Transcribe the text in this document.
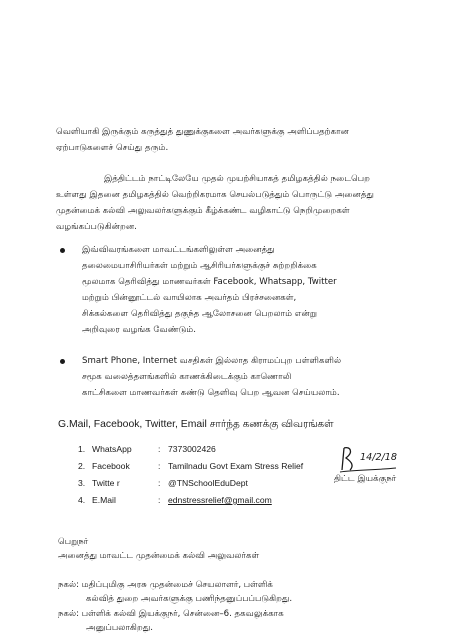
வெளியாகி இருக்கும் கருத்துத் துணுக்குகளை அவர்களுக்கு அளிப்பதற்கான
ஏற்பாடுகளைச் செய்து தரும்.
இத்திட்டம் நாட்டிலேயே முதல் முயற்சியாகத் தமிழகத்தில் நடைபெற
உள்ளது இதனை தமிழகத்தில் வெற்றிகரமாக செயல்படுத்தும் பொருட்டு அனைத்து
முதன்மைக் கல்வி அலுவலர்களுக்கும் கீழ்க்கண்ட வழிகாட்டு நெறிமுறைகள்
வழங்கப்படுகின்றன.
இவ்விவரங்களை மாவட்டங்களிலுள்ள அனைத்து
தலைமையாசிரியர்கள் மற்றும் ஆசிரியர்களுக்குச் சுற்றறிக்கை
மூலமாக தெரிவித்து மாணவர்கள் Facebook, Whatsapp, Twitter
மற்றும் பின்னூட்டல் வாயிலாக அவர்தம் பிரச்சனைகள்,
சிக்கல்களை தெரிவித்து தகுந்த ஆலோசனை பெறலாம் என்று
அறிவுரை வழங்க வேண்டும்.
Smart Phone, Internet வசதிகள் இல்லாத கிராமப்புற பள்ளிகளில்
சமூக வலைத்தளங்களில் காணக்கிடைக்கும் காணொலி
காட்சிகளை மாணவர்கள் கண்டு தெளிவு பெற ஆவன செய்யலாம்.
G.Mail, Facebook, Twitter, Email சார்ந்த கணக்கு விவரங்கள்
1. WhatsApp	: 7373002426
2. Facebook	: Tamilnadu Govt Exam Stress Relief
3. Twitte r	: @TNSchoolEduDept
4. E.Mail	: ednstressrelief@gmail.com
14/2/18
திட்ட இயக்குநர்
பெறுநர்
அனைத்து மாவட்ட முதன்மைக் கல்வி அலுவலர்கள்
நகல்: மதிப்புமிகு அரசு முதன்மைச் செயலாளர், பள்ளிக்
கல்வித் துறை அவர்களுக்கு பணிந்தனுப்பப்படுகிறது.
நகல்: பள்ளிக் கல்வி இயக்குநர், சென்னை–6. தகவலுக்காக
அனுப்பலாகிறது.
